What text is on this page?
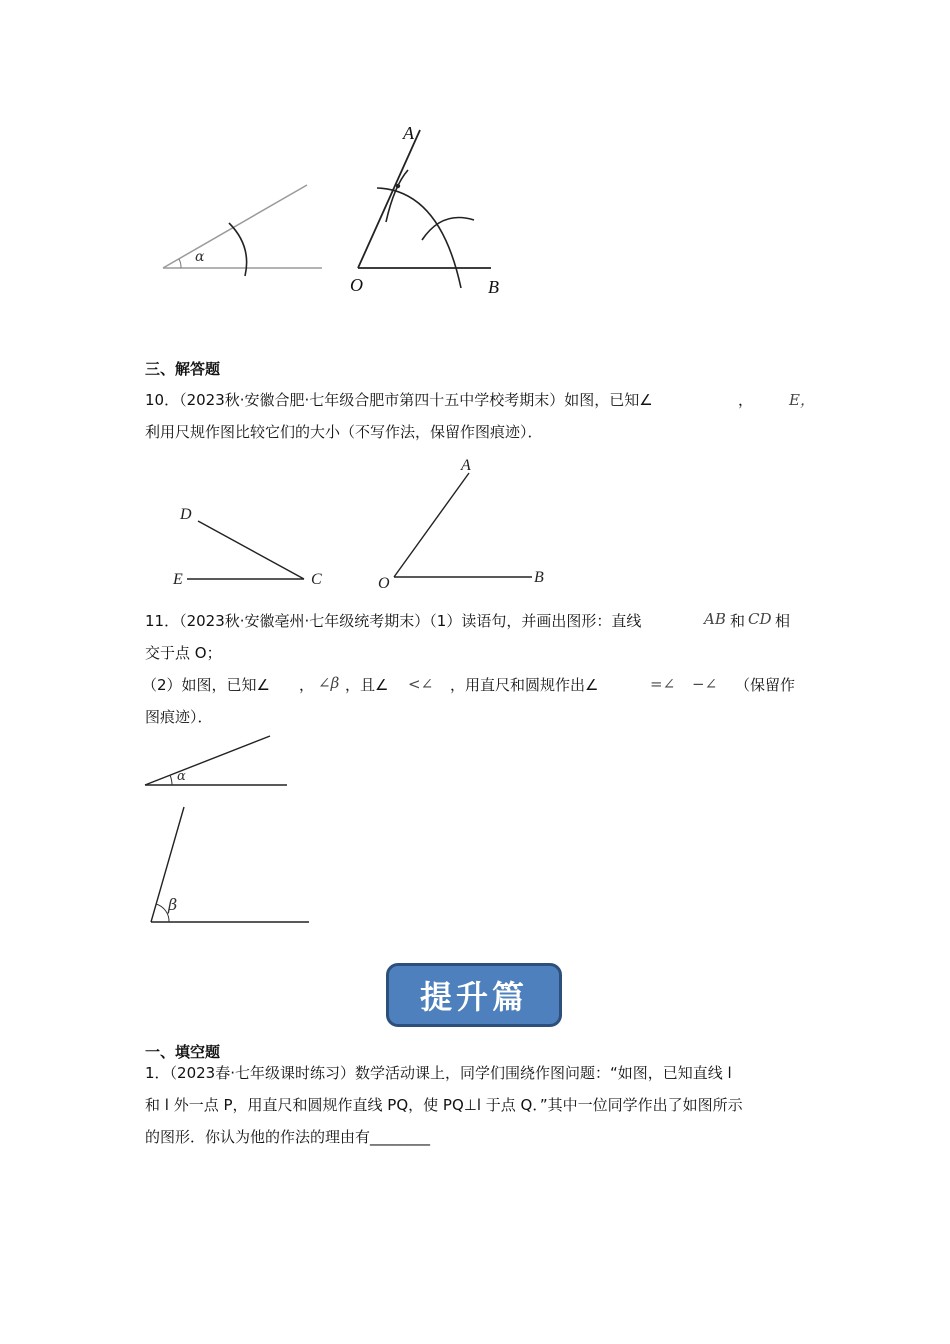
α
A
O	B
三、解答题
10．（2023秋·安徽合肥·七年级合肥市第四十五中学校考期末）如图，已知∠	， E，
利用尺规作图比较它们的大小（不写作法，保留作图痕迹）．
D
E	C
A
O	B
11．（2023秋·安徽亳州·七年级统考期末）（1）读语句，并画出图形：直线	AB 和 CD 相
交于点 O；
（2）如图，已知∠ ， ∠β ，且∠ <∠ ，用直尺和圆规作出∠	=∠ −∠ （保留作
图痕迹）．
α
β
提升篇
一、填空题
1．（2023春·七年级课时练习）数学活动课上，同学们围绕作图问题：“如图，已知直线 l
和 l 外一点 P，用直尺和圆规作直线 PQ，使 PQ⊥l 于点 Q．”其中一位同学作出了如图所示
的图形．你认为他的作法的理由有________
